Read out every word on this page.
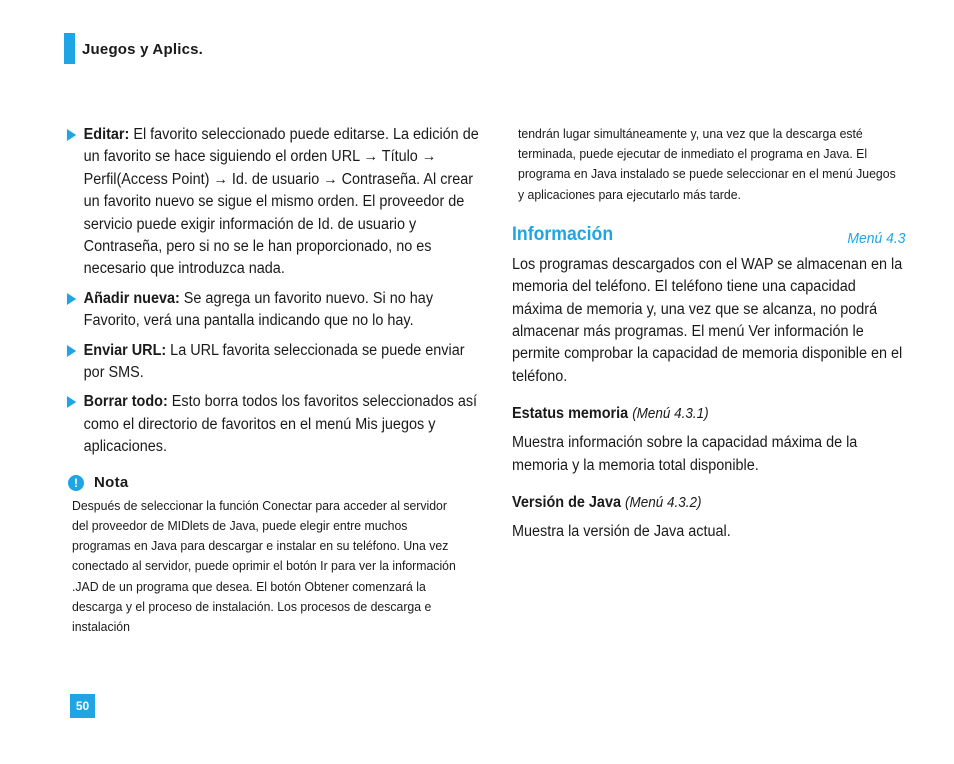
Juegos y Aplics.
Editar: El favorito seleccionado puede editarse. La edición de un favorito se hace siguiendo el orden URL → Título → Perfil(Access Point) → Id. de usuario → Contraseña. Al crear un favorito nuevo se sigue el mismo orden. El proveedor de servicio puede exigir información de Id. de usuario y Contraseña, pero si no se le han proporcionado, no es necesario que introduzca nada.
Añadir nueva: Se agrega un favorito nuevo. Si no hay Favorito, verá una pantalla indicando que no lo hay.
Enviar URL: La URL favorita seleccionada se puede enviar por SMS.
Borrar todo: Esto borra todos los favoritos seleccionados así como el directorio de favoritos en el menú Mis juegos y aplicaciones.
!	Nota
Después de seleccionar la función Conectar para acceder al servidor del proveedor de MIDlets de Java, puede elegir entre muchos programas en Java para descargar e instalar en su teléfono. Una vez conectado al servidor, puede oprimir el botón Ir para ver la información .JAD de un programa que desea. El botón Obtener comenzará la descarga y el proceso de instalación. Los procesos de descarga e instalación
tendrán lugar simultáneamente y, una vez que la descarga esté terminada, puede ejecutar de inmediato el programa en Java. El programa en Java instalado se puede seleccionar en el menú Juegos y aplicaciones para ejecutarlo más tarde.
Información	Menú 4.3
Los programas descargados con el WAP se almacenan en la memoria del teléfono. El teléfono tiene una capacidad máxima de memoria y, una vez que se alcanza, no podrá almacenar más programas. El menú Ver información le permite comprobar la capacidad de memoria disponible en el teléfono.
Estatus memoria (Menú 4.3.1)
Muestra información sobre la capacidad máxima de la memoria y la memoria total disponible.
Versión de Java (Menú 4.3.2)
Muestra la versión de Java actual.
50
